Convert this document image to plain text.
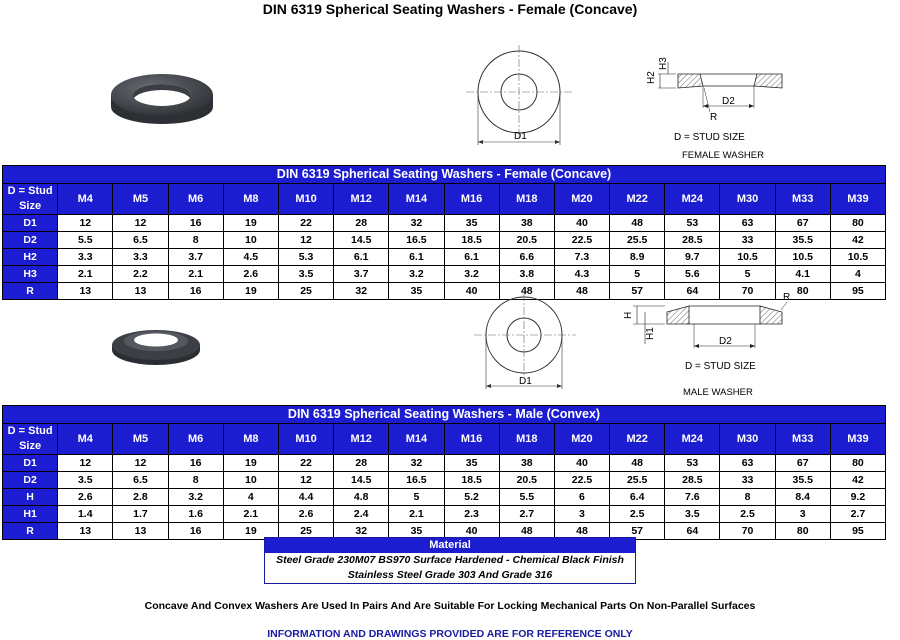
DIN 6319 Spherical Seating Washers - Female (Concave)
D1
D2
H2
H3
R
D = STUD SIZE
FEMALE WASHER
DIN 6319 Spherical Seating Washers - Female (Concave)															
D = Stud Size	M4	M5	M6	M8	M10	M12	M14	M16	M18	M20	M22	M24	M30	M33	M39
D1	12	12	16	19	22	28	32	35	38	40	48	53	63	67	80
D2	5.5	6.5	8	10	12	14.5	16.5	18.5	20.5	22.5	25.5	28.5	33	35.5	42
H2	3.3	3.3	3.7	4.5	5.3	6.1	6.1	6.1	6.6	7.3	8.9	9.7	10.5	10.5	10.5
H3	2.1	2.2	2.1	2.6	3.5	3.7	3.2	3.2	3.8	4.3	5	5.6	5	4.1	4
R	13	13	16	19	25	32	35	40	48	48	57	64	70	80	95
D1
D2
H
H1
R
D = STUD SIZE
MALE WASHER
DIN 6319 Spherical Seating Washers - Male (Convex)															
D = Stud Size	M4	M5	M6	M8	M10	M12	M14	M16	M18	M20	M22	M24	M30	M33	M39
D1	12	12	16	19	22	28	32	35	38	40	48	53	63	67	80
D2	3.5	6.5	8	10	12	14.5	16.5	18.5	20.5	22.5	25.5	28.5	33	35.5	42
H	2.6	2.8	3.2	4	4.4	4.8	5	5.2	5.5	6	6.4	7.6	8	8.4	9.2
H1	1.4	1.7	1.6	2.1	2.6	2.4	2.1	2.3	2.7	3	2.5	3.5	2.5	3	2.7
R	13	13	16	19	25	32	35	40	48	48	57	64	70	80	95
Material
Steel Grade 230M07 BS970 Surface Hardened - Chemical Black Finish
Stainless Steel Grade 303 And Grade 316
Concave And Convex Washers Are Used In Pairs And Are Suitable For Locking Mechanical Parts On Non-Parallel Surfaces
INFORMATION AND DRAWINGS PROVIDED ARE FOR REFERENCE ONLY
